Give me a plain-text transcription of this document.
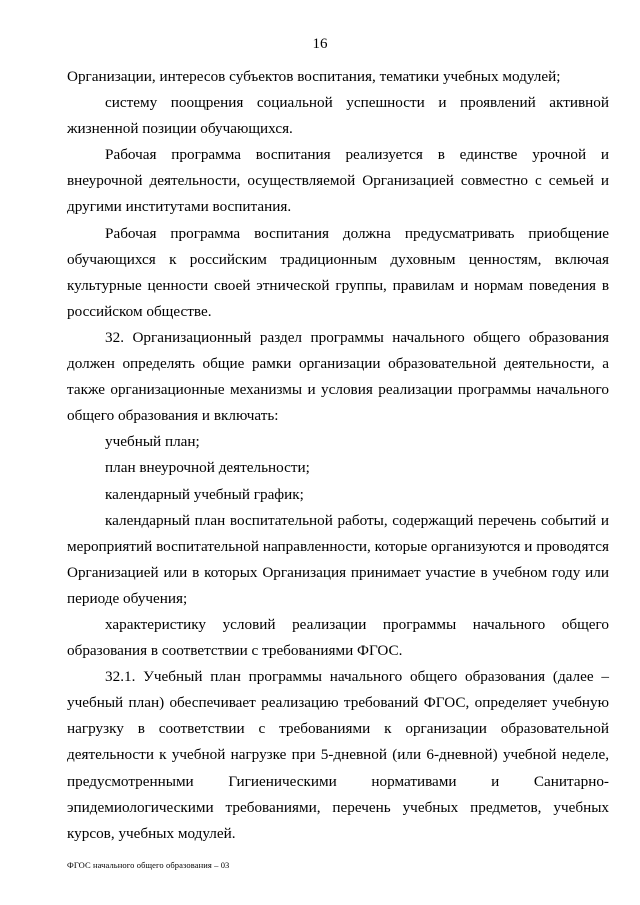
16

Организации, интересов субъектов воспитания, тематики учебных модулей;

систему поощрения социальной успешности и проявлений активной жизненной позиции обучающихся.

Рабочая программа воспитания реализуется в единстве урочной и внеурочной деятельности, осуществляемой Организацией совместно с семьей и другими институтами воспитания.

Рабочая программа воспитания должна предусматривать приобщение обучающихся к российским традиционным духовным ценностям, включая культурные ценности своей этнической группы, правилам и нормам поведения в российском обществе.

32. Организационный раздел программы начального общего образования должен определять общие рамки организации образовательной деятельности, а также организационные механизмы и условия реализации программы начального общего образования и включать:

учебный план;

план внеурочной деятельности;

календарный учебный график;

календарный план воспитательной работы, содержащий перечень событий и мероприятий воспитательной направленности, которые организуются и проводятся Организацией или в которых Организация принимает участие в учебном году или периоде обучения;

характеристику условий реализации программы начального общего образования в соответствии с требованиями ФГОС.

32.1. Учебный план программы начального общего образования (далее – учебный план) обеспечивает реализацию требований ФГОС, определяет учебную нагрузку в соответствии с требованиями к организации образовательной деятельности к учебной нагрузке при 5-дневной (или 6-дневной) учебной неделе, предусмотренными Гигиеническими нормативами и Санитарно-эпидемиологическими требованиями, перечень учебных предметов, учебных курсов, учебных модулей.

ФГОС начального общего образования – 03
